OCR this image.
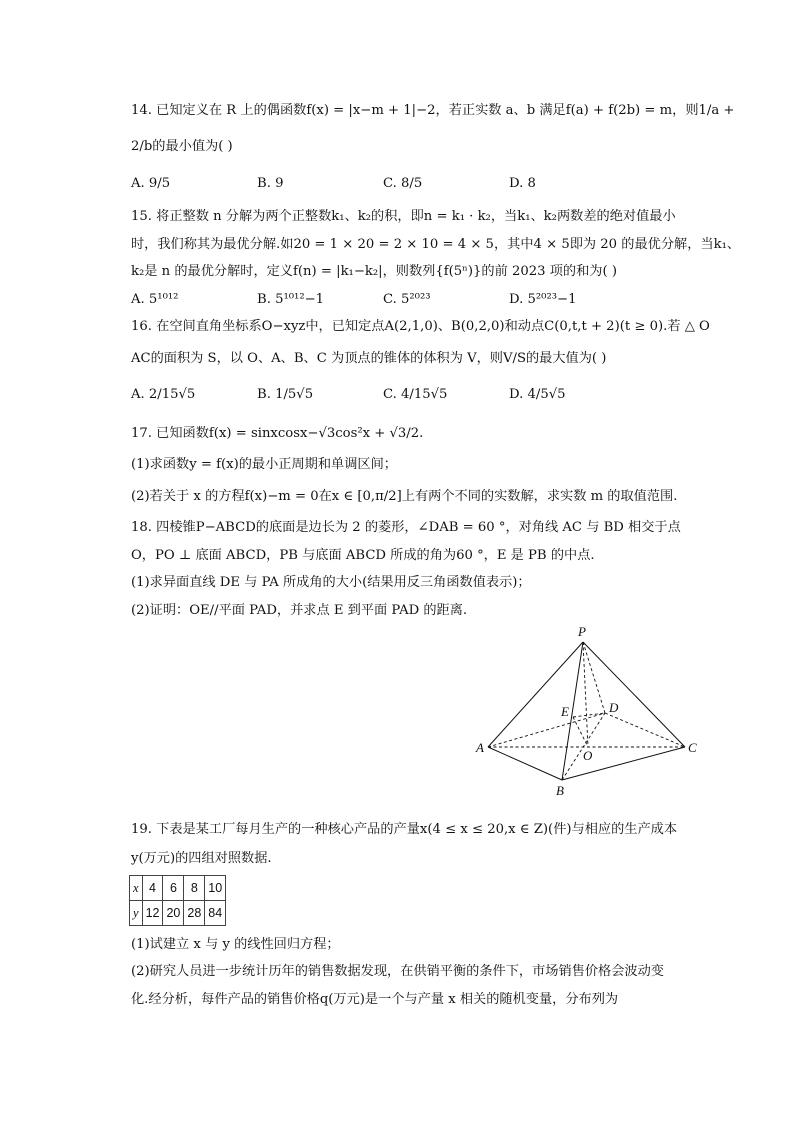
14. 已知定义在 R 上的偶函数f(x) = |x−m + 1|−2，若正实数 a、b 满足f(a) + f(2b) = m，则1/a +
2/b的最小值为( )
A. 9/5	B. 9	C. 8/5	D. 8
15. 将正整数 n 分解为两个正整数k₁、k₂的积，即n = k₁ · k₂，当k₁、k₂两数差的绝对值最小
时，我们称其为最优分解.如20 = 1 × 20 = 2 × 10 = 4 × 5，其中4 × 5即为 20 的最优分解，当k₁、
k₂是 n 的最优分解时，定义f(n) = |k₁−k₂|，则数列{f(5ⁿ)}的前 2023 项的和为( )
A. 5¹⁰¹²	B. 5¹⁰¹²−1	C. 5²⁰²³	D. 5²⁰²³−1
16. 在空间直角坐标系O−xyz中，已知定点A(2,1,0)、B(0,2,0)和动点C(0,t,t + 2)(t ≥ 0).若 △ O
AC的面积为 S，以 O、A、B、C 为顶点的锥体的体积为 V，则V/S的最大值为( )
A. 2/15√5	B. 1/5√5	C. 4/15√5	D. 4/5√5
17. 已知函数f(x) = sinxcosx−√3cos²x + √3/2.
(1)求函数y = f(x)的最小正周期和单调区间；
(2)若关于 x 的方程f(x)−m = 0在x ∈ [0,π/2]上有两个不同的实数解，求实数 m 的取值范围.
18. 四棱锥P−ABCD的底面是边长为 2 的菱形，∠DAB = 60 °，对角线 AC 与 BD 相交于点
O，PO ⊥ 底面 ABCD，PB 与底面 ABCD 所成的角为60 °，E 是 PB 的中点.
(1)求异面直线 DE 与 PA 所成角的大小(结果用反三角函数值表示)；
(2)证明：OE//平面 PAD，并求点 E 到平面 PAD 的距离.
P
E	D
A
O
C
B
19. 下表是某工厂每月生产的一种核心产品的产量x(4 ≤ x ≤ 20,x ∈ Z)(件)与相应的生产成本
y(万元)的四组对照数据.
x	4	6	8	10
y	12	20	28	84
(1)试建立 x 与 y 的线性回归方程；
(2)研究人员进一步统计历年的销售数据发现，在供销平衡的条件下，市场销售价格会波动变
化.经分析，每件产品的销售价格q(万元)是一个与产量 x 相关的随机变量，分布列为
